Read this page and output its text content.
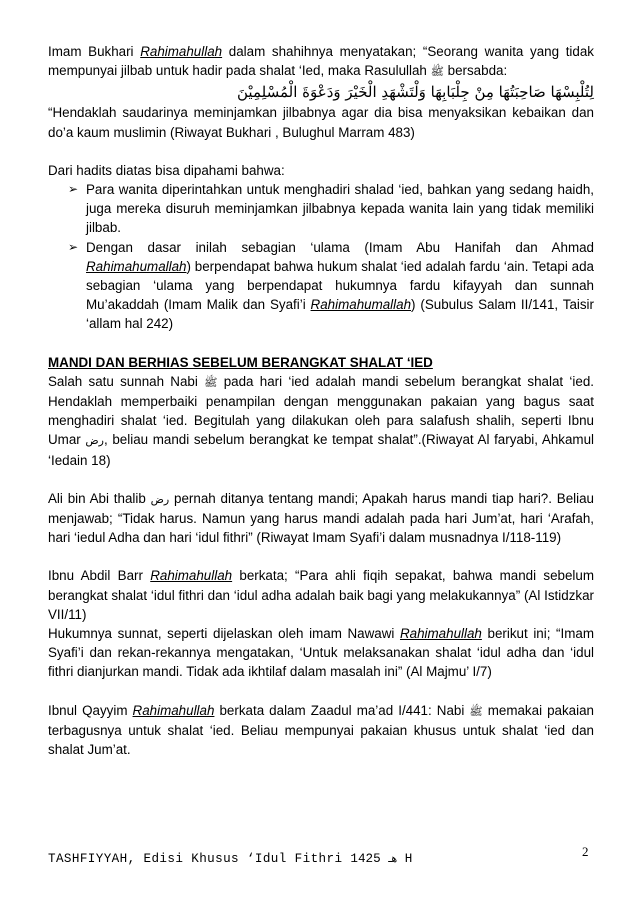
Imam Bukhari Rahimahullah dalam shahihnya menyatakan; “Seorang wanita yang tidak mempunyai jilbab untuk hadir pada shalat ‘Ied, maka Rasulullah ﷺ bersabda:

لِتُلْبِسْهَا صَاحِبَتُهَا مِنْ جِلْبَابِهَا وَلْتَشْهَدِ الْخَيْرَ وَدَعْوَةَ الْمُسْلِمِيْنَ

“Hendaklah saudarinya meminjamkan jilbabnya agar dia bisa menyaksikan kebaikan dan do’a kaum muslimin (Riwayat Bukhari , Bulughul Marram 483)

Dari hadits diatas bisa dipahami bahwa:

➢ Para wanita diperintahkan untuk menghadiri shalad ‘ied, bahkan yang sedang haidh, juga mereka disuruh meminjamkan jilbabnya kepada wanita lain yang tidak memiliki jilbab.
➢ Dengan dasar inilah sebagian ‘ulama (Imam Abu Hanifah dan Ahmad Rahimahumallah) berpendapat bahwa hukum shalat ‘ied adalah fardu ‘ain. Tetapi ada sebagian ‘ulama yang berpendapat hukumnya fardu kifayyah dan sunnah Mu’akaddah (Imam Malik dan Syafi’i Rahimahumallah) (Subulus Salam II/141, Taisir ‘allam hal 242)

MANDI DAN BERHIAS SEBELUM BERANGKAT SHALAT ‘IED

Salah satu sunnah Nabi ﷺ pada hari ‘ied adalah mandi sebelum berangkat shalat ‘ied. Hendaklah memperbaiki penampilan dengan menggunakan pakaian yang bagus saat menghadiri shalat ‘ied. Begitulah yang dilakukan oleh para salafush shalih, seperti Ibnu Umar رض, beliau mandi sebelum berangkat ke tempat shalat”.(Riwayat Al faryabi, Ahkamul ‘Iedain 18)

Ali bin Abi thalib رض pernah ditanya tentang mandi; Apakah harus mandi tiap hari?. Beliau menjawab; “Tidak harus. Namun yang harus mandi adalah pada hari Jum’at, hari ‘Arafah, hari ‘iedul Adha dan hari ‘idul fithri” (Riwayat Imam Syafi’i dalam musnadnya I/118-119)

Ibnu Abdil Barr Rahimahullah berkata; “Para ahli fiqih sepakat, bahwa mandi sebelum berangkat shalat ‘idul fithri dan ‘idul adha adalah baik bagi yang melakukannya” (Al Istidzkar VII/11)

Hukumnya sunnat, seperti dijelaskan oleh imam Nawawi Rahimahullah berikut ini; “Imam Syafi’i dan rekan-rekannya mengatakan, ‘Untuk melaksanakan shalat ‘idul adha dan ‘idul fithri dianjurkan mandi. Tidak ada ikhtilaf dalam masalah ini” (Al Majmu’ I/7)

Ibnul Qayyim Rahimahullah berkata dalam Zaadul ma’ad I/441: Nabi ﷺ memakai pakaian terbagusnya untuk shalat ‘ied. Beliau mempunyai pakaian khusus untuk shalat ‘ied dan shalat Jum’at.

TASHFIYYAH, Edisi Khusus ‘Idul Fithri	هـ 1425 H	2
